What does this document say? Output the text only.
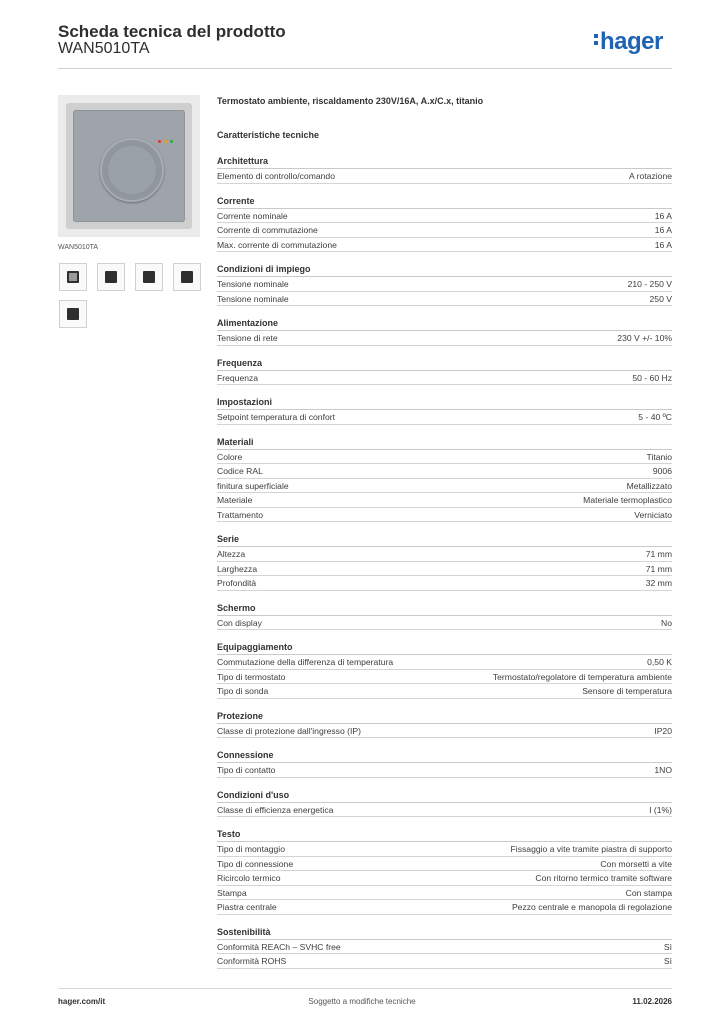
Scheda tecnica del prodotto
WAN5010TA	hager
WAN5010TA
Termostato ambiente, riscaldamento 230V/16A, A.x/C.x, titanio
Caratteristiche tecniche
Architettura
Elemento di controllo/comando	A rotazione
Corrente
Corrente nominale	16 A
Corrente di commutazione	16 A
Max. corrente di commutazione	16 A
Condizioni di impiego
Tensione nominale	210 - 250 V
Tensione nominale	250 V
Alimentazione
Tensione di rete	230 V +/- 10%
Frequenza
Frequenza	50 - 60 Hz
Impostazioni
Setpoint temperatura di confort	5 - 40 ºC
Materiali
Colore	Titanio
Codice RAL	9006
finitura superficiale	Metallizzato
Materiale	Materiale termoplastico
Trattamento	Verniciato
Serie
Altezza	71 mm
Larghezza	71 mm
Profondità	32 mm
Schermo
Con display	No
Equipaggiamento
Commutazione della differenza di temperatura	0,50 K
Tipo di termostato	Termostato/regolatore di temperatura ambiente
Tipo di sonda	Sensore di temperatura
Protezione
Classe di protezione dall'ingresso (IP)	IP20
Connessione
Tipo di contatto	1NO
Condizioni d'uso
Classe di efficienza energetica	I (1%)
Testo
Tipo di montaggio	Fissaggio a vite tramite piastra di supporto
Tipo di connessione	Con morsetti a vite
Ricircolo termico	Con ritorno termico tramite software
Stampa	Con stampa
Piastra centrale	Pezzo centrale e manopola di regolazione
Sostenibilità
Conformità REACh – SVHC free	Sì
Conformità ROHS	Sì
hager.com/it	Soggetto a modifiche tecniche	11.02.2026
